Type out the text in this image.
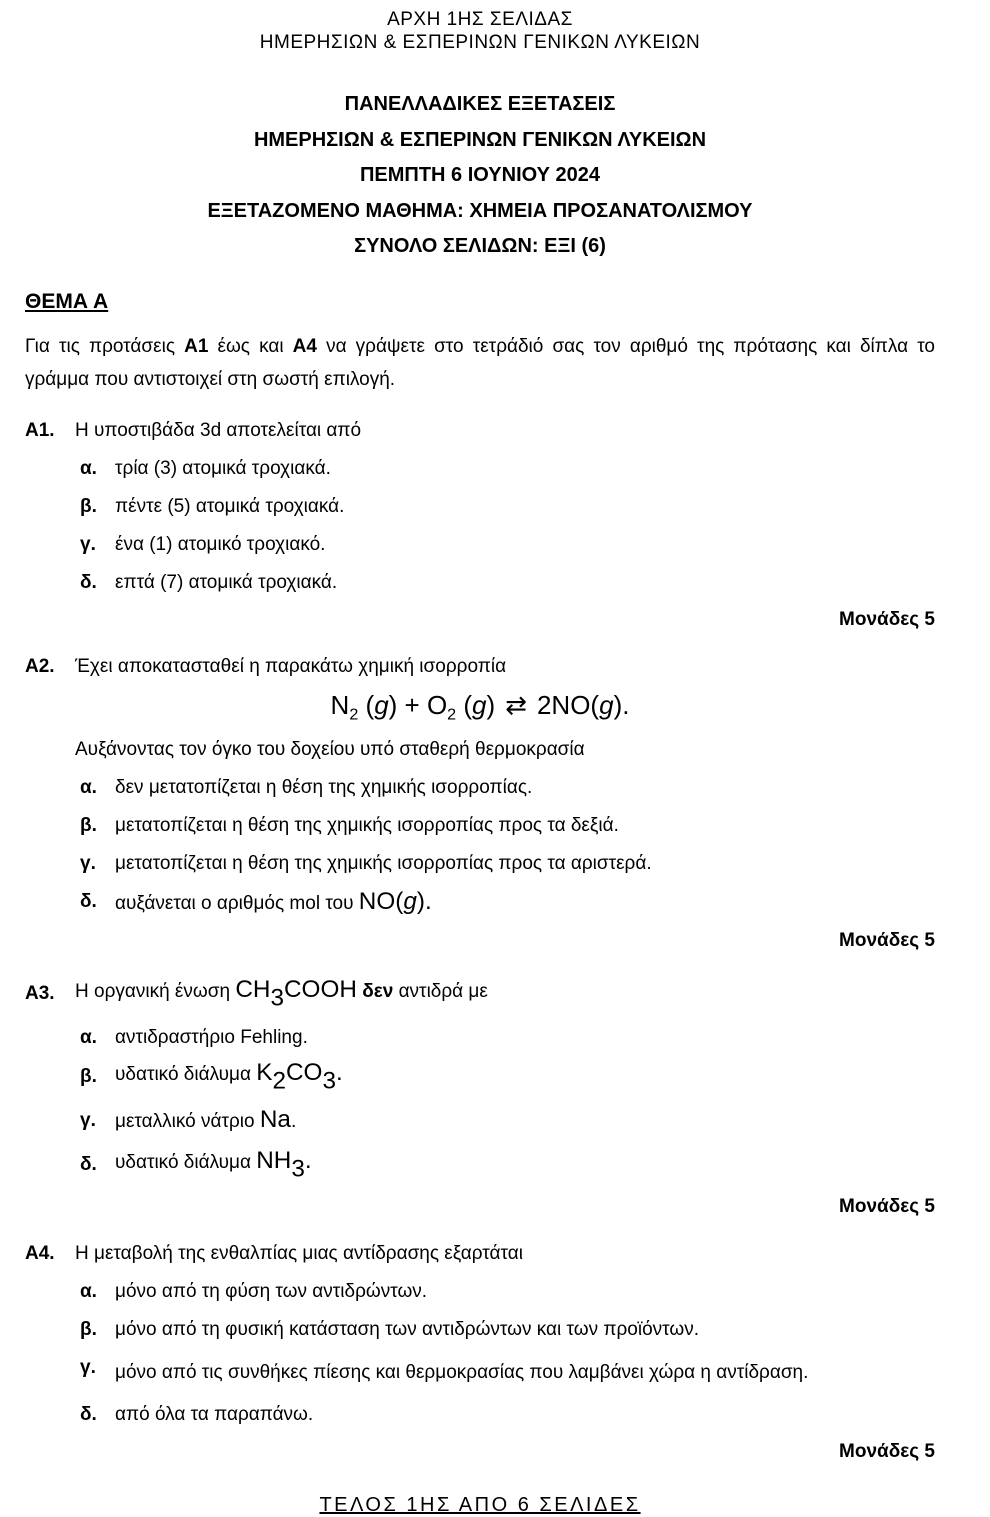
ΑΡΧΗ 1ΗΣ ΣΕΛΙΔΑΣ

ΗΜΕΡΗΣΙΩΝ & ΕΣΠΕΡΙΝΩΝ ΓΕΝΙΚΩΝ ΛΥΚΕΙΩΝ

ΠΑΝΕΛΛΑΔΙΚΕΣ ΕΞΕΤΑΣΕΙΣ

ΗΜΕΡΗΣΙΩΝ & ΕΣΠΕΡΙΝΩΝ ΓΕΝΙΚΩΝ ΛΥΚΕΙΩΝ

ΠΕΜΠΤΗ 6 ΙΟΥΝΙΟΥ 2024

ΕΞΕΤΑΖΟΜΕΝΟ ΜΑΘΗΜΑ: ΧΗΜΕΙΑ ΠΡΟΣΑΝΑΤΟΛΙΣΜΟΥ

ΣΥΝΟΛΟ ΣΕΛΙΔΩΝ: ΕΞΙ (6)

ΘΕΜΑ Α

Για τις προτάσεις Α1 έως και Α4 να γράψετε στο τετράδιό σας τον αριθμό της πρότασης και δίπλα το γράμμα που αντιστοιχεί στη σωστή επιλογή.

Α1.	Η υποστιβάδα 3d αποτελείται από
α. τρία (3) ατομικά τροχιακά.
β. πέντε (5) ατομικά τροχιακά.
γ.	ένα (1) ατομικό τροχιακό.
δ. επτά (7) ατομικά τροχιακά.
Μονάδες 5
Α2.	Έχει αποκατασταθεί η παρακάτω χημική ισορροπία
$N_2$ $(g) + O_2$ (g) ⇄ 2NO(g).
Αυξάνοντας τον όγκο του δοχείου υπό σταθερή θερμοκρασία
α. δεν μετατοπίζεται η θέση της χημικής ισορροπίας.
β. μετατοπίζεται η θέση της χημικής ισορροπίας προς τα δεξιά.
γ.	μετατοπίζεται η θέση της χημικής ισορροπίας προς τα αριστερά.
δ. αυξάνεται ο αριθμός mol του NO(g).
Μονάδες 5
Α3.	Η οργανική ένωση CH3COOH δεν αντιδρά με
α. αντιδραστήριο Fehling.
β. υδατικό διάλυμα K2CO3.
γ.	μεταλλικό νάτριο Na.
δ. υδατικό διάλυμα NH3.
Μονάδες 5
Α4.	Η μεταβολή της ενθαλπίας μιας αντίδρασης εξαρτάται
α. μόνο από τη φύση των αντιδρώντων.
β. μόνο από τη φυσική κατάσταση των αντιδρώντων και των προϊόντων.
γ.	μόνο από τις συνθήκες πίεσης και θερμοκρασίας που λαμβάνει χώρα η αντίδραση.
δ. από όλα τα παραπάνω.
Μονάδες 5
ΤΕΛΟΣ 1ΗΣ ΑΠΟ 6 ΣΕΛΙΔΕΣ
